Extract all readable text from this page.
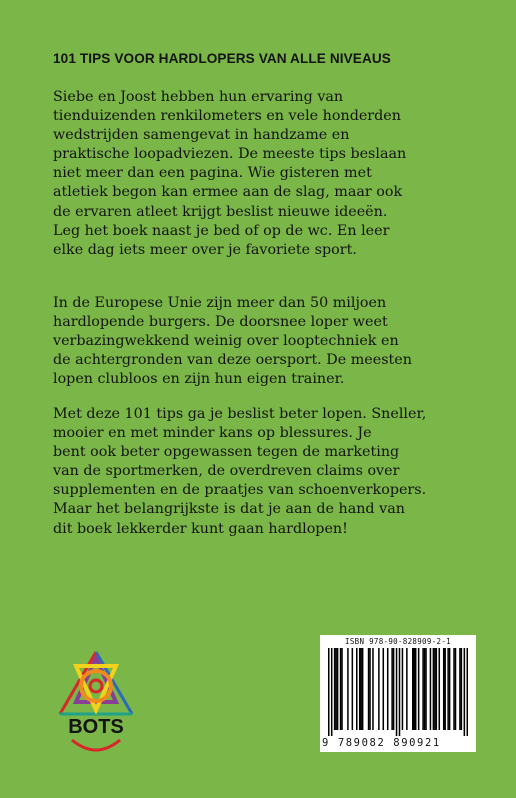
101 TIPS VOOR HARDLOPERS VAN ALLE NIVEAUS
Siebe en Joost hebben hun ervaring van
tienduizenden renkilometers en vele honderden
wedstrijden samengevat in handzame en
praktische loopadviezen. De meeste tips beslaan
niet meer dan een pagina. Wie gisteren met
atletiek begon kan ermee aan de slag, maar ook
de ervaren atleet krijgt beslist nieuwe ideeën.
Leg het boek naast je bed of op de wc. En leer
elke dag iets meer over je favoriete sport.
In de Europese Unie zijn meer dan 50 miljoen
hardlopende burgers. De doorsnee loper weet
verbazingwekkend weinig over looptechniek en
de achtergronden van deze oersport. De meesten
lopen clubloos en zijn hun eigen trainer.
Met deze 101 tips ga je beslist beter lopen. Sneller,
mooier en met minder kans op blessures. Je
bent ook beter opgewassen tegen de marketing
van de sportmerken, de overdreven claims over
supplementen en de praatjes van schoenverkopers.
Maar het belangrijkste is dat je aan de hand van
dit boek lekkerder kunt gaan hardlopen!
BOTS
ISBN 978-90-828909-2-1
9 789082 890921
